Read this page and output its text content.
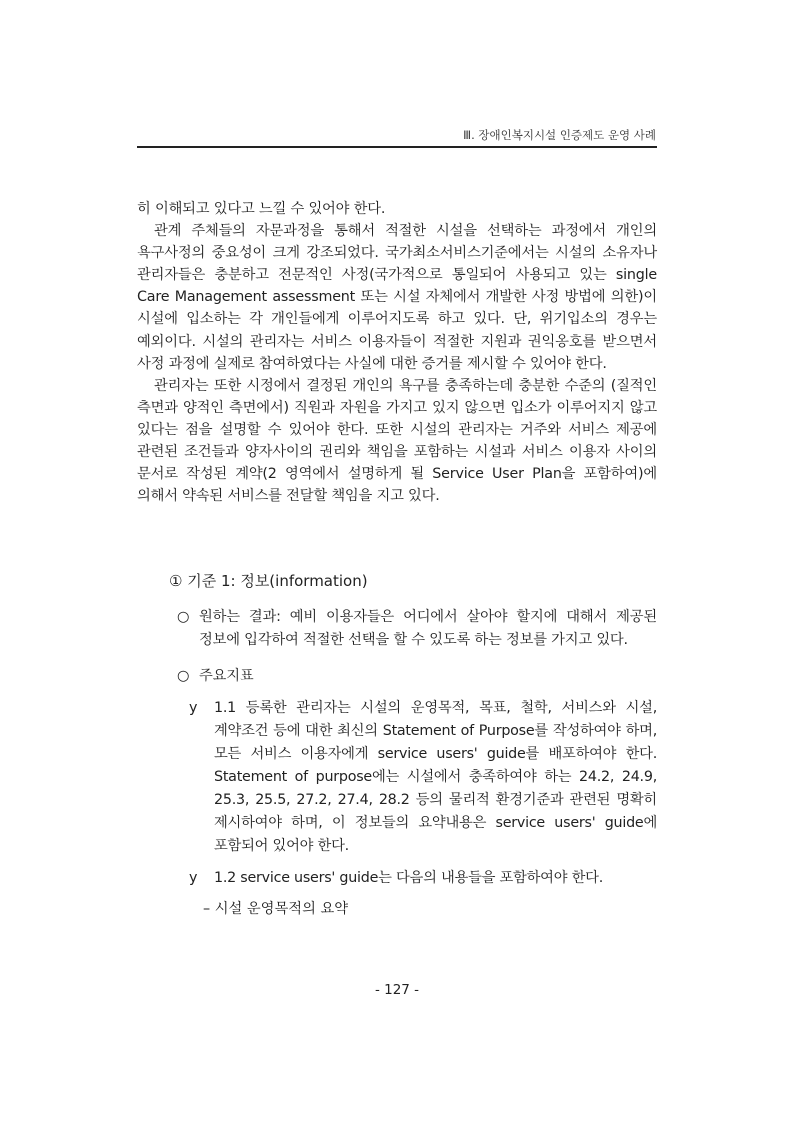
Ⅲ. 장애인복지시설 인증제도 운영 사례

히 이해되고 있다고 느낄 수 있어야 한다.

관계 주체들의 자문과정을 통해서 적절한 시설을 선택하는 과정에서 개인의 욕구사정의 중요성이 크게 강조되었다. 국가최소서비스기준에서는 시설의 소유자나 관리자들은 충분하고 전문적인 사정(국가적으로 통일되어 사용되고 있는 single Care Management assessment 또는 시설 자체에서 개발한 사정 방법에 의한)이 시설에 입소하는 각 개인들에게 이루어지도록 하고 있다. 단, 위기입소의 경우는 예외이다. 시설의 관리자는 서비스 이용자들이 적절한 지원과 권익옹호를 받으면서 사정 과정에 실제로 참여하였다는 사실에 대한 증거를 제시할 수 있어야 한다.

관리자는 또한 시정에서 결정된 개인의 욕구를 충족하는데 충분한 수준의 (질적인 측면과 양적인 측면에서) 직원과 자원을 가지고 있지 않으면 입소가 이루어지지 않고 있다는 점을 설명할 수 있어야 한다. 또한 시설의 관리자는 거주와 서비스 제공에 관련된 조건들과 양자사이의 권리와 책임을 포함하는 시설과 서비스 이용자 사이의 문서로 작성된 계약(2 영역에서 설명하게 될 Service User Plan을 포함하여)에 의해서 약속된 서비스를 전달할 책임을 지고 있다.

① 기준 1: 정보(information)
○ 원하는 결과: 예비 이용자들은 어디에서 살아야 할지에 대해서 제공된 정보에 입각하여 적절한 선택을 할 수 있도록 하는 정보를 가지고 있다.
○ 주요지표
y 1.1 등록한 관리자는 시설의 운영목적, 목표, 철학, 서비스와 시설, 계약조건 등에 대한 최신의 Statement of Purpose를 작성하여야 하며, 모든 서비스 이용자에게 service users' guide를 배포하여야 한다. Statement of purpose에는 시설에서 충족하여야 하는 24.2, 24.9, 25.3, 25.5, 27.2, 27.4, 28.2 등의 물리적 환경기준과 관련된 명확히 제시하여야 하며, 이 정보들의 요약내용은 service users' guide에 포함되어 있어야 한다.
y 1.2 service users' guide는 다음의 내용들을 포함하여야 한다.
– 시설 운영목적의 요약
- 127 -
